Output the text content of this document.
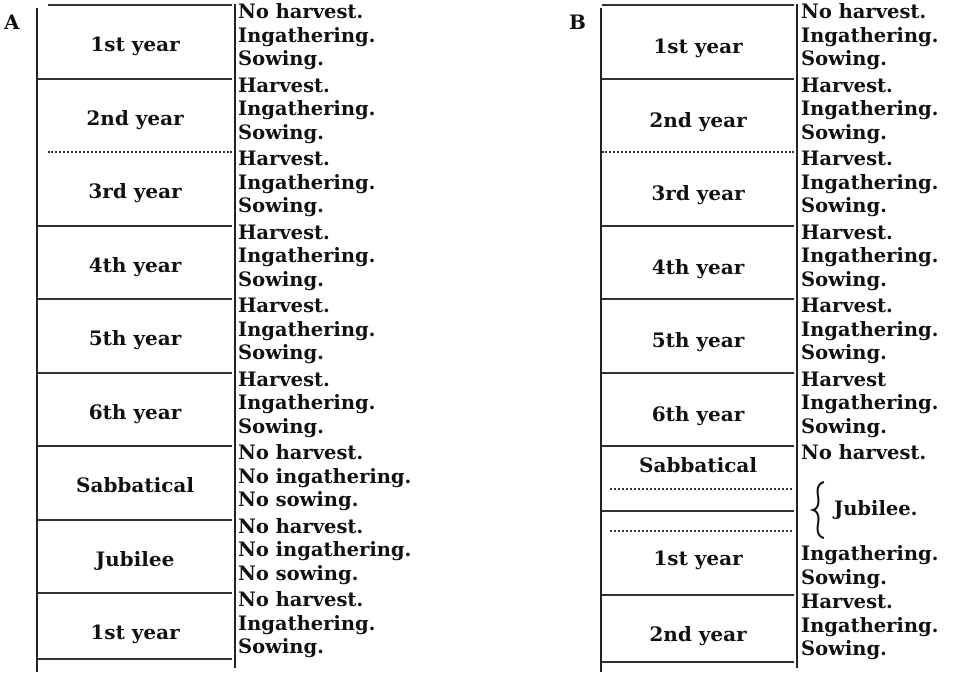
A
1st year
No harvest.
Ingathering.
Sowing.
2nd year
Harvest.
Ingathering.
Sowing.
3rd year
Harvest.
Ingathering.
Sowing.
4th year
Harvest.
Ingathering.
Sowing.
5th year
Harvest.
Ingathering.
Sowing.
6th year
Harvest.
Ingathering.
Sowing.
Sabbatical
No harvest.
No ingathering.
No sowing.
Jubilee
No harvest.
No ingathering.
No sowing.
1st year
No harvest.
Ingathering.
Sowing.
B
1st year
No harvest.
Ingathering.
Sowing.
2nd year
Harvest.
Ingathering.
Sowing.
3rd year
Harvest.
Ingathering.
Sowing.
4th year
Harvest.
Ingathering.
Sowing.
5th year
Harvest.
Ingathering.
Sowing.
6th year
Harvest
Ingathering.
Sowing.
Sabbatical
No harvest.
Jubilee.
1st year	Ingathering.
Sowing.
2nd year
Harvest.
Ingathering.
Sowing.
